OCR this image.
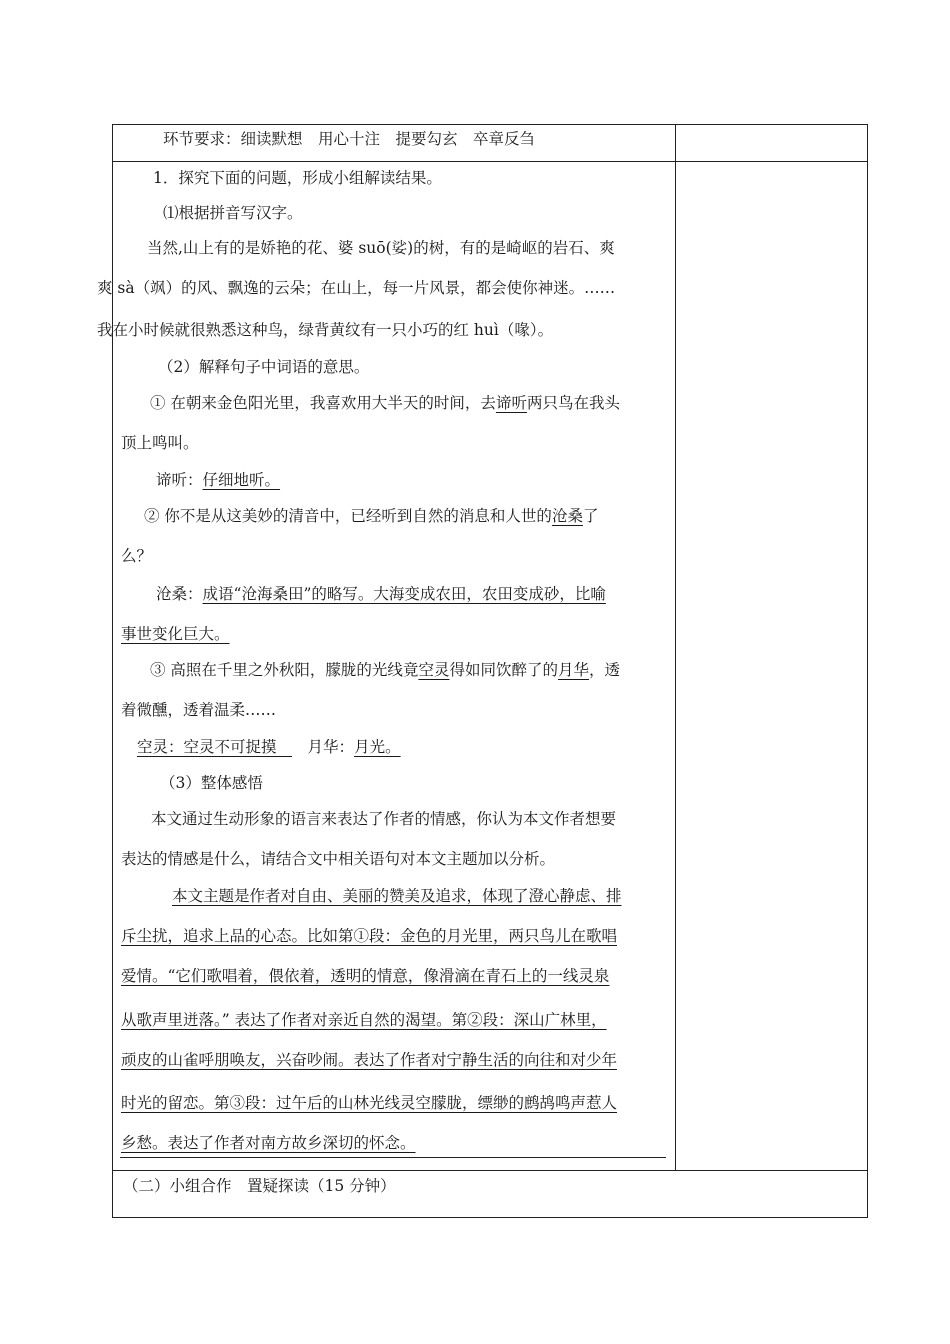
环节要求：细读默想　用心十注　提要勾玄　卒章反刍
1．探究下面的问题，形成小组解读结果。
⑴根据拼音写汉字。
当然,山上有的是娇艳的花、婆 suō(娑)的树，有的是崎岖的岩石、爽
爽 sà（飒）的风、飘逸的云朵；在山上，每一片风景，都会使你神迷。……
我在小时候就很熟悉这种鸟，绿背黄纹有一只小巧的红 huì（喙）。
（2）解释句子中词语的意思。
① 在朝来金色阳光里，我喜欢用大半天的时间，去谛听两只鸟在我头
顶上鸣叫。
谛听：仔细地听。
② 你不是从这美妙的清音中，已经听到自然的消息和人世的沧桑了
么？
沧桑：成语“沧海桑田”的略写。大海变成农田，农田变成砂，比喻
事世变化巨大。
③ 高照在千里之外秋阳，朦胧的光线竟空灵得如同饮醉了的月华，透
着微醺，透着温柔……
空灵：空灵不可捉摸　　月华：月光。
（3）整体感悟
本文通过生动形象的语言来表达了作者的情感，你认为本文作者想要
表达的情感是什么，请结合文中相关语句对本文主题加以分析。
本文主题是作者对自由、美丽的赞美及追求，体现了澄心静虑、排
斥尘扰，追求上品的心态。比如第①段：金色的月光里，两只鸟儿在歌唱
爱情。“它们歌唱着，偎依着，透明的情意，像滑滴在青石上的一线灵泉
从歌声里迸落。” 表达了作者对亲近自然的渴望。第②段：深山广林里，
顽皮的山雀呼朋唤友，兴奋吵闹。表达了作者对宁静生活的向往和对少年
时光的留恋。第③段：过午后的山林光线灵空朦胧，缥缈的鹧鸪鸣声惹人
乡愁。表达了作者对南方故乡深切的怀念。
（二）小组合作　置疑探读（15 分钟）
